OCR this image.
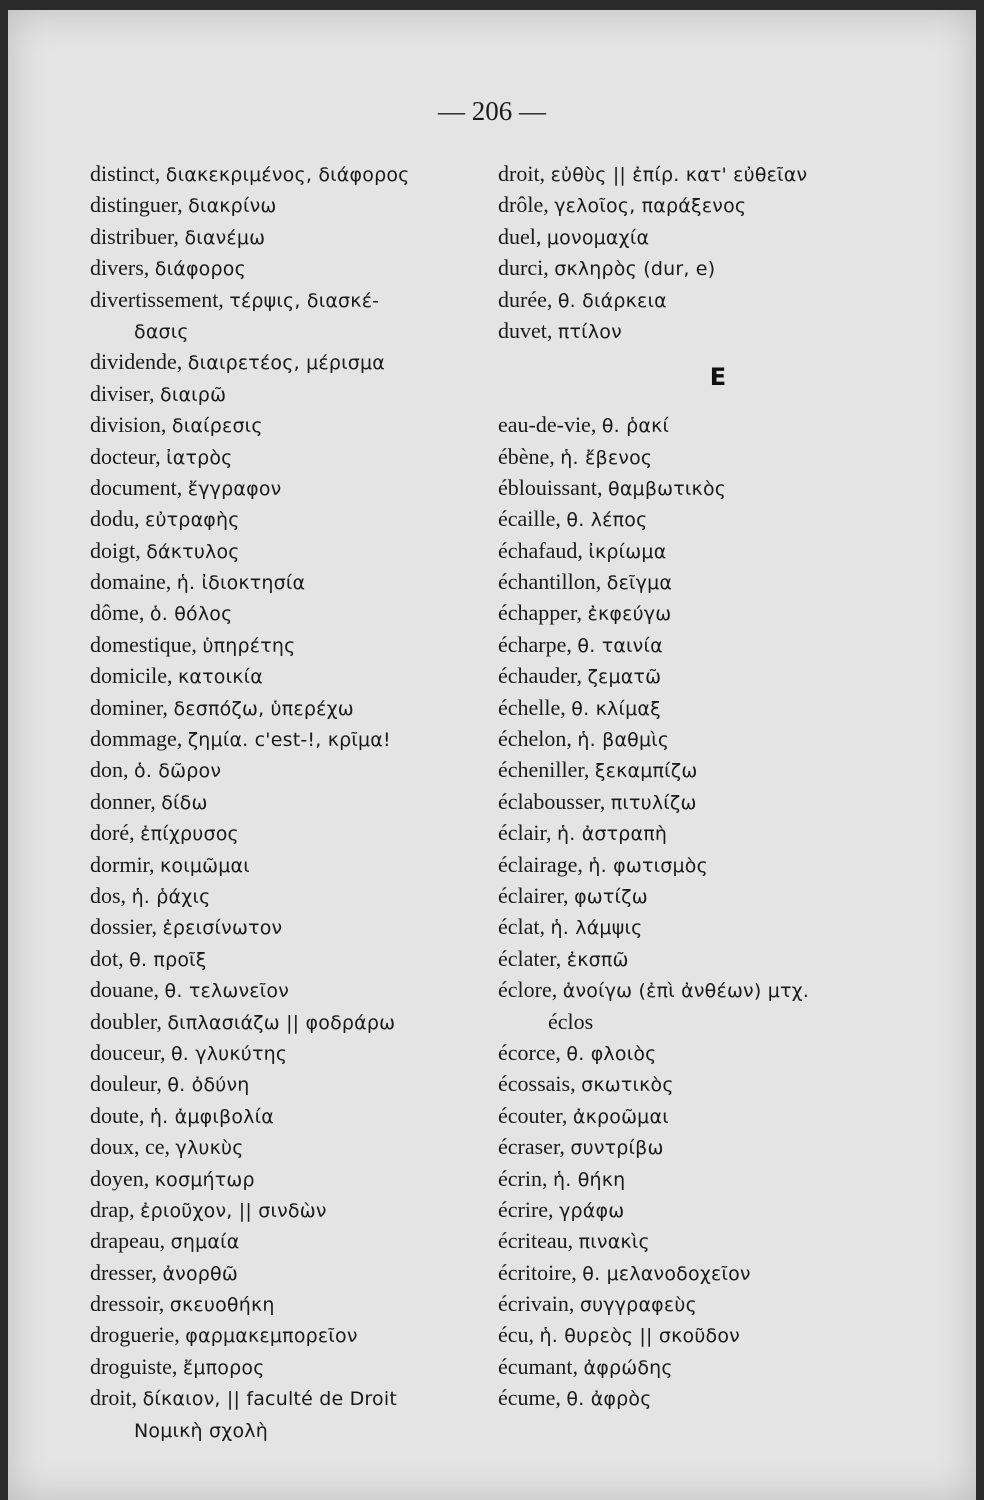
— 206 —
distinct, διακεκριμένος, διάφορος
distinguer, διακρίνω
distribuer, διανέμω
divers, διάφορος
divertissement, τέρψις, διασκέ-
δασις
dividende, διαιρετέος, μέρισμα
diviser, διαιρῶ
division, διαίρεσις
docteur, ἰατρὸς
document, ἔγγραφον
dodu, εὐτραφὴς
doigt, δάκτυλος
domaine, ἡ. ἰδιοκτησία
dôme, ὁ. θόλος
domestique, ὑπηρέτης
domicile, κατοικία
dominer, δεσπόζω, ὑπερέχω
dommage, ζημία. c'est-!, κρῖμα!
don, ὁ. δῶρον
donner, δίδω
doré, ἐπίχρυσος
dormir, κοιμῶμαι
dos, ἡ. ῥάχις
dossier, ἐρεισίνωτον
dot, θ. προῖξ
douane, θ. τελωνεῖον
doubler, διπλασιάζω || φοδράρω
douceur, θ. γλυκύτης
douleur, θ. ὀδύνη
doute, ἡ. ἀμφιβολία
doux, ce, γλυκὺς
doyen, κοσμήτωρ
drap, ἐριοῦχον, || σινδὼν
drapeau, σημαία
dresser, ἀνορθῶ
dressoir, σκευοθήκη
droguerie, φαρμακεμπορεῖον
droguiste, ἔμπορος
droit, δίκαιον, || faculté de Droit
Νομικὴ σχολὴ
droit, εὐθὺς || ἐπίρ. κατ' εὐθεῖαν
drôle, γελοῖος, παράξενος
duel, μονομαχία
durci, σκληρὸς (dur, e)
durée, θ. διάρκεια
duvet, πτίλον
E
eau-de-vie, θ. ῥακί
ébène, ἡ. ἔβενος
éblouissant, θαμβωτικὸς
écaille, θ. λέπος
échafaud, ἰκρίωμα
échantillon, δεῖγμα
échapper, ἐκφεύγω
écharpe, θ. ταινία
échauder, ζεματῶ
échelle, θ. κλίμαξ
échelon, ἡ. βαθμὶς
écheniller, ξεκαμπίζω
éclabousser, πιτυλίζω
éclair, ἡ. ἀστραπὴ
éclairage, ἡ. φωτισμὸς
éclairer, φωτίζω
éclat, ἡ. λάμψις
éclater, ἐκσπῶ
éclore, ἀνοίγω (ἐπὶ ἀνθέων) μτχ.
éclos
écorce, θ. φλοιὸς
écossais, σκωτικὸς
écouter, ἀκροῶμαι
écraser, συντρίβω
écrin, ἡ. θήκη
écrire, γράφω
écriteau, πινακὶς
écritoire, θ. μελανοδοχεῖον
écrivain, συγγραφεὺς
écu, ἡ. θυρεὸς || σκοῦδον
écumant, ἀφρώδης
écume, θ. ἀφρὸς
